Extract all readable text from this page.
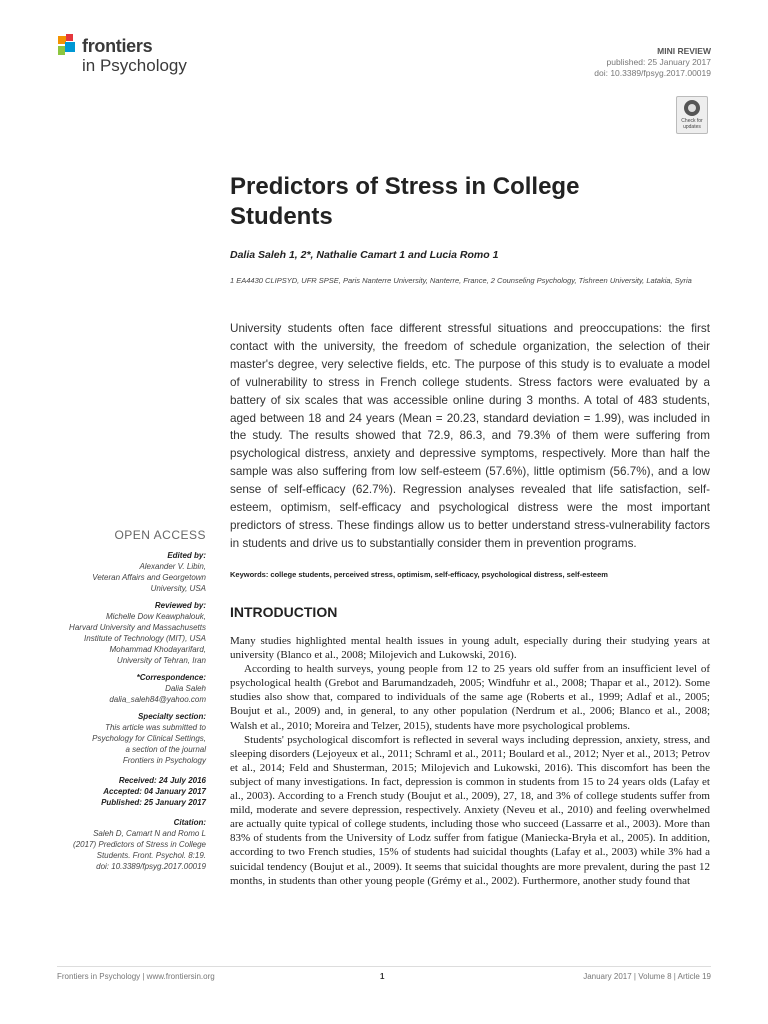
frontiers
in Psychology
MINI REVIEW
published: 25 January 2017
doi: 10.3389/fpsyg.2017.00019
Check for updates
Predictors of Stress in College Students
Dalia Saleh 1, 2*, Nathalie Camart 1 and Lucia Romo 1
1 EA4430 CLIPSYD, UFR SPSE, Paris Nanterre University, Nanterre, France, 2 Counseling Psychology, Tishreen University, Latakia, Syria
University students often face different stressful situations and preoccupations: the first contact with the university, the freedom of schedule organization, the selection of their master's degree, very selective fields, etc. The purpose of this study is to evaluate a model of vulnerability to stress in French college students. Stress factors were evaluated by a battery of six scales that was accessible online during 3 months. A total of 483 students, aged between 18 and 24 years (Mean = 20.23, standard deviation = 1.99), was included in the study. The results showed that 72.9, 86.3, and 79.3% of them were suffering from psychological distress, anxiety and depressive symptoms, respectively. More than half the sample was also suffering from low self-esteem (57.6%), little optimism (56.7%), and a low sense of self-efficacy (62.7%). Regression analyses revealed that life satisfaction, self-esteem, optimism, self-efficacy and psychological distress were the most important predictors of stress. These findings allow us to better understand stress-vulnerability factors in students and drive us to substantially consider them in prevention programs.
Keywords: college students, perceived stress, optimism, self-efficacy, psychological distress, self-esteem
INTRODUCTION

Many studies highlighted mental health issues in young adult, especially during their studying years at university (Blanco et al., 2008; Milojevich and Lukowski, 2016).

According to health surveys, young people from 12 to 25 years old suffer from an insufficient level of psychological health (Grebot and Barumandzadeh, 2005; Windfuhr et al., 2008; Thapar et al., 2012). Some studies also show that, compared to individuals of the same age (Roberts et al., 1999; Adlaf et al., 2005; Boujut et al., 2009) and, in general, to any other population (Nerdrum et al., 2006; Blanco et al., 2008; Walsh et al., 2010; Moreira and Telzer, 2015), students have more psychological problems.

Students' psychological discomfort is reflected in several ways including depression, anxiety, stress, and sleeping disorders (Lejoyeux et al., 2011; Schraml et al., 2011; Boulard et al., 2012; Nyer et al., 2013; Petrov et al., 2014; Feld and Shusterman, 2015; Milojevich and Lukowski, 2016). This discomfort has been the subject of many investigations. In fact, depression is common in students from 15 to 24 years olds (Lafay et al., 2003). According to a French study (Boujut et al., 2009), 27, 18, and 3% of college students suffer from mild, moderate and severe depression, respectively. Anxiety (Neveu et al., 2010) and feeling overwhelmed are actually quite typical of college students, including those who succeed (Lassarre et al., 2003). More than 83% of students from the University of Lodz suffer from fatigue (Maniecka-Bryła et al., 2005). In addition, according to two French studies, 15% of students had suicidal thoughts (Lafay et al., 2003) while 3% had a suicidal tendency (Boujut et al., 2009). It seems that suicidal thoughts are more prevalent, during the past 12 months, in students than other young people (Grémy et al., 2002). Furthermore, another study found that

OPEN ACCESS
Edited by:
Alexander V. Libin,
Veteran Affairs and Georgetown
University, USA
Reviewed by:
Michelle Dow Keawphalouk,
Harvard University and Massachusetts
Institute of Technology (MIT), USA
Mohammad Khodayarifard,
University of Tehran, Iran
*Correspondence:
Dalia Saleh
dalia_saleh84@yahoo.com
Specialty section:
This article was submitted to
Psychology for Clinical Settings,
a section of the journal
Frontiers in Psychology
Received: 24 July 2016
Accepted: 04 January 2017
Published: 25 January 2017
Citation:
Saleh D, Camart N and Romo L
(2017) Predictors of Stress in College
Students. Front. Psychol. 8:19.
doi: 10.3389/fpsyg.2017.00019
Frontiers in Psychology | www.frontiersin.org	1	January 2017 | Volume 8 | Article 19
